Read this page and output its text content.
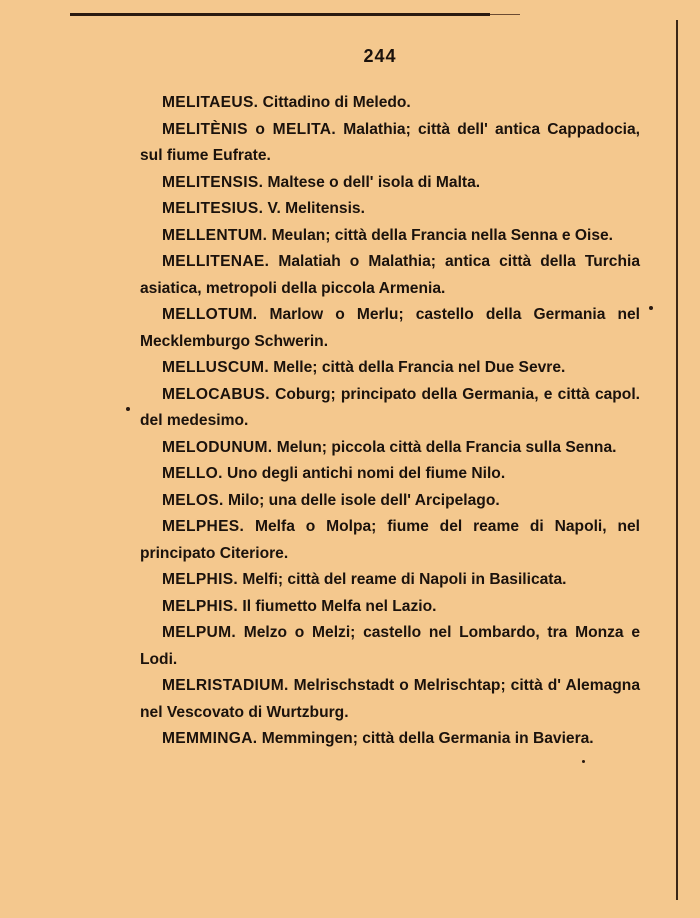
244

MELITAEUS. Cittadino di Meledo.

MELITÈNIS o MELITA. Malathia; città dell' antica Cappadocia, sul fiume Eufrate.

MELITENSIS. Maltese o dell' isola di Malta.

MELITESIUS. V. Melitensis.

MELLENTUM. Meulan; città della Francia nella Senna e Oise.

MELLITENAE. Malatiah o Malathia; antica città della Turchia asiatica, metropoli della piccola Armenia.

MELLOTUM. Marlow o Merlu; castello della Germania nel Mecklemburgo Schwerin.

MELLUSCUM. Melle; città della Francia nel Due Sevre.

MELOCABUS. Coburg; principato della Germania, e città capol. del medesimo.

MELODUNUM. Melun; piccola città della Francia sulla Senna.

MELLO. Uno degli antichi nomi del fiume Nilo.

MELOS. Milo; una delle isole dell' Arcipelago.

MELPHES. Melfa o Molpa; fiume del reame di Napoli, nel principato Citeriore.

MELPHIS. Melfi; città del reame di Napoli in Basilicata.

MELPHIS. Il fiumetto Melfa nel Lazio.

MELPUM. Melzo o Melzi; castello nel Lombardo, tra Monza e Lodi.

MELRISTADIUM. Melrischstadt o Melrischtap; città d' Alemagna nel Vescovato di Wurtzburg.

MEMMINGA. Memmingen; città della Germania in Baviera.
